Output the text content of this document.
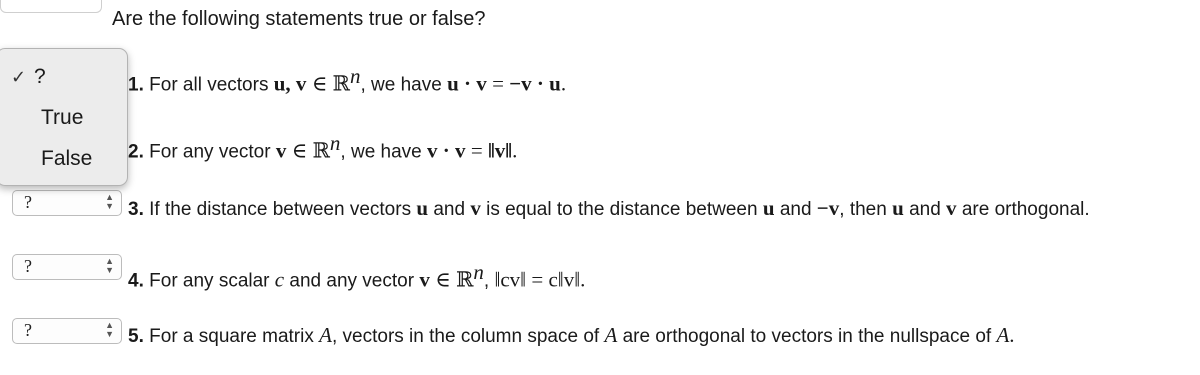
Are the following statements true or false?
1. For all vectors u, v ∈ ℝ$^n$, we have u · v = −v · u.
2. For any vector v ∈ ℝ$^n$, we have v · v = ‖v‖.
3. If the distance between vectors u and v is equal to the distance between u and −v, then u and v are orthogonal.
4. For any scalar c and any vector v ∈ ℝ$^n$, ‖cv‖ = c‖v‖.
5. For a square matrix A, vectors in the column space of A are orthogonal to vectors in the nullspace of A.
?	▲
▼
?	▲
▼
?	▲
▼
✓ ?
True
False
